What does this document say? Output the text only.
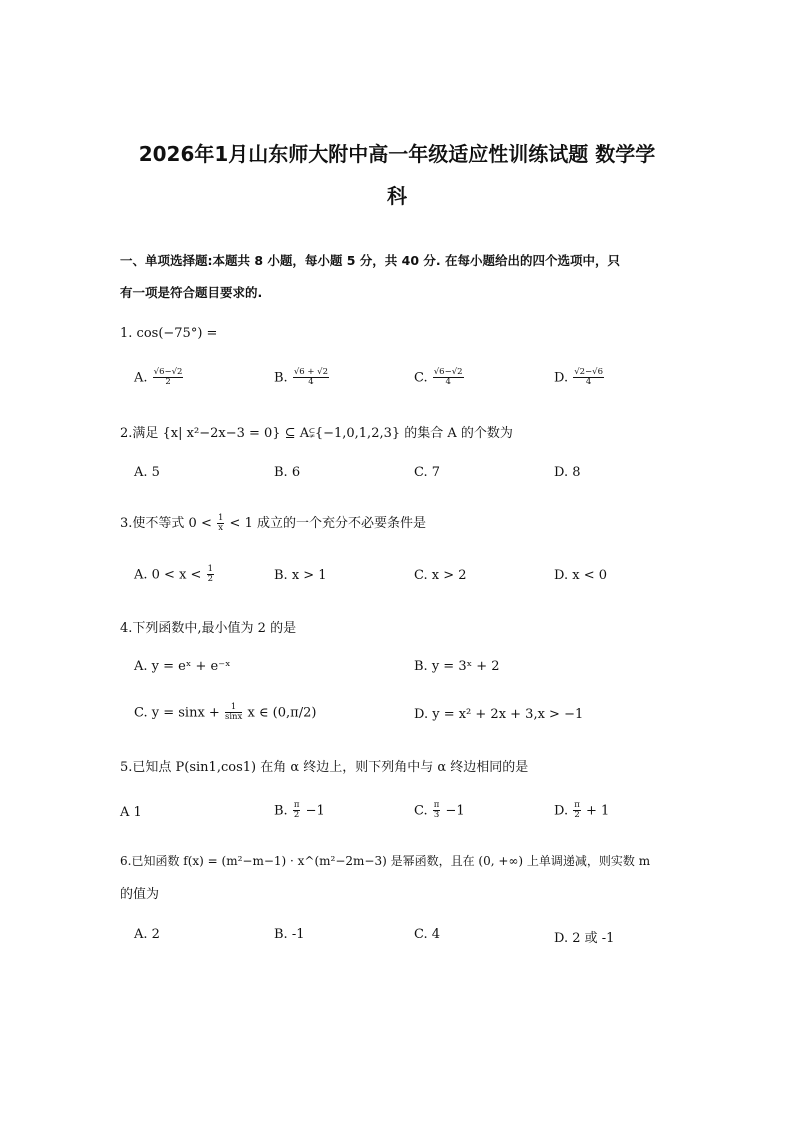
2026年1月山东师大附中高一年级适应性训练试题 数学学
科
一、单项选择题:本题共 8 小题，每小题 5 分，共 40 分. 在每小题给出的四个选项中，只
有一项是符合题目要求的.
1. cos(−75°) =
A. $\frac{√6-√2}{2}$	B. $\frac{√6 + √2}{4}$	C. $\frac{√6-√2}{4}$	D. $\frac{√2-√6}{4}$
2.满足 {x| x²−2x−3 = 0} ⊆ A⫋{−1,0,1,2,3} 的集合 A 的个数为
A. 5	B. 6	C. 7	D. 8
3.使不等式 $0 < \frac{1}{x} < 1$ 成立的一个充分不必要条件是
A. $0 < x < \frac{1}{2}$	B. x > 1	C. x > 2	D. x < 0
4.下列函数中,最小值为 2 的是
A. y = eˣ + e⁻ˣ	B. y = 3ˣ + 2
C. $y = \sin x + \frac{1}{\sin x}$ x ∈ (0,π/2)	D. y = x² + 2x + 3,x > −1
5.已知点 P(sin1,cos1) 在角 α 终边上，则下列角中与 α 终边相同的是
A 1	B. $\frac{\pi}{2} -1$	C. $\frac{\pi}{3} -1$	D. $\frac{\pi}{2} + 1$
6.已知函数 f(x) = (m²−m−1) · x^(m²−2m−3) 是幂函数，且在 (0, +∞) 上单调递减，则实数 m
的值为
A. 2	B. -1	C. 4	D. 2 或 -1
